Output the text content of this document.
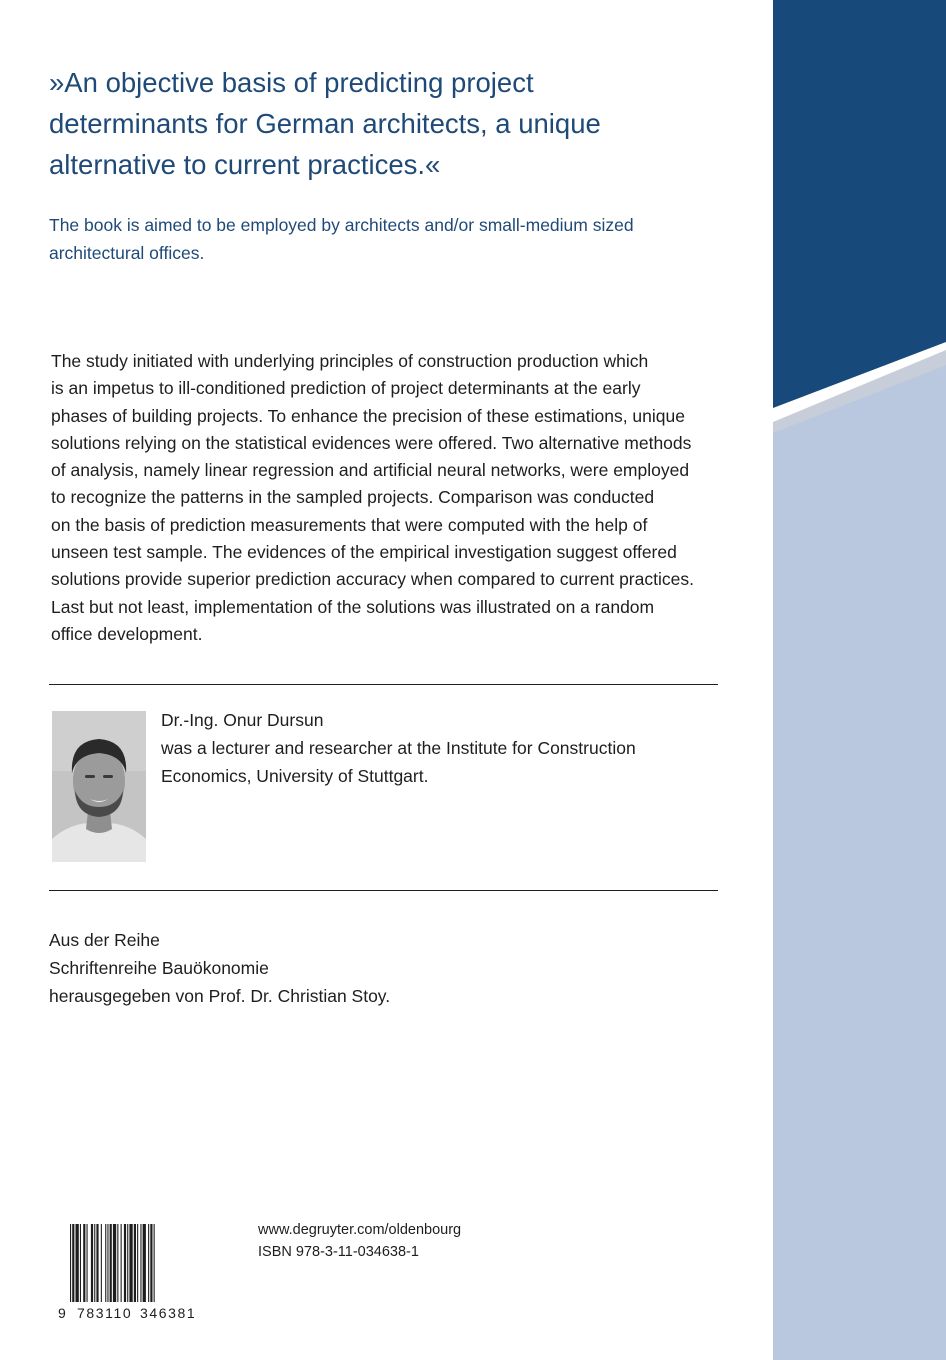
»An objective basis of predicting project
determinants for German architects, a unique
alternative to current practices.«
The book is aimed to be employed by architects and/or small-medium sized
architectural offices.
The study initiated with underlying principles of construction production which
is an impetus to ill-conditioned prediction of project determinants at the early
phases of building projects. To enhance the precision of these estimations, unique
solutions relying on the statistical evidences were offered. Two alternative methods
of analysis, namely linear regression and artificial neural networks, were employed
to recognize the patterns in the sampled projects. Comparison was conducted
on the basis of prediction measurements that were computed with the help of
unseen test sample. The evidences of the empirical investigation suggest offered
solutions provide superior prediction accuracy when compared to current practices.
Last but not least, implementation of the solutions was illustrated on a random
office development.
Dr.-Ing. Onur Dursun
was a lecturer and researcher at the Institute for Construction
Economics, University of Stuttgart.
Aus der Reihe
Schriftenreihe Bauökonomie
herausgegeben von Prof. Dr. Christian Stoy.
9 783110 346381
www.degruyter.com/oldenbourg
ISBN 978-3-11-034638-1
